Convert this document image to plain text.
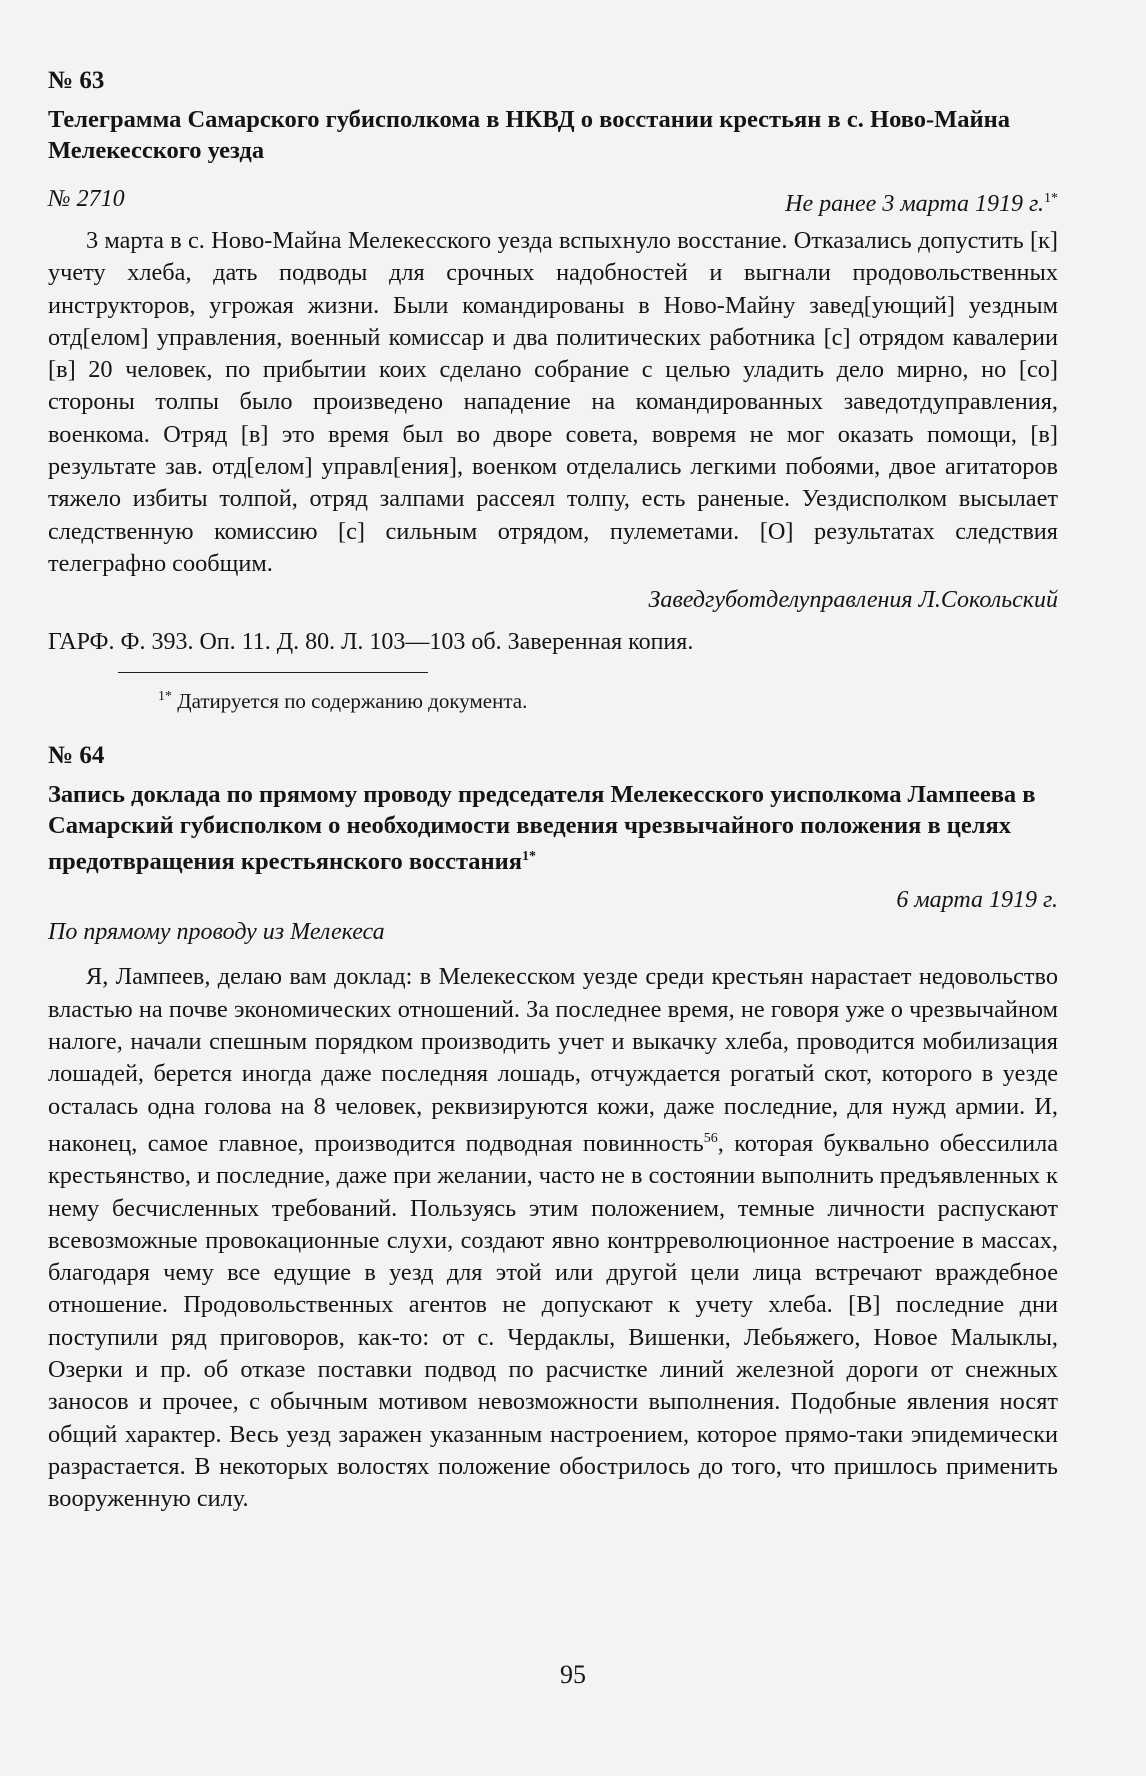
№ 63
Телеграмма Самарского губисполкома в НКВД о восстании крестьян в с. Ново-Майна Мелекесского уезда
№ 2710	Не ранее 3 марта 1919 г.$^{1*}$

3 марта в с. Ново-Майна Мелекесского уезда вспыхнуло восстание. Отказались допустить [к] учету хлеба, дать подводы для срочных надобностей и выгнали продовольственных инструкторов, угрожая жизни. Были командированы в Ново-Майну завед[ующий] уездным отд[елом] управления, военный комиссар и два политических работника [с] отрядом кавалерии [в] 20 человек, по прибытии коих сделано собрание с целью уладить дело мирно, но [со] стороны толпы было произведено нападение на командированных заведотдуправления, военкома. Отряд [в] это время был во дворе совета, вовремя не мог оказать помощи, [в] результате зав. отд[елом] управл[ения], военком отделались легкими побоями, двое агитаторов тяжело избиты толпой, отряд залпами рассеял толпу, есть раненые. Уездисполком высылает следственную комиссию [с] сильным отрядом, пулеметами. [О] результатах следствия телеграфно сообщим.

Заведгуботделуправления Л.Сокольский
ГАРФ. Ф. 393. Оп. 11. Д. 80. Л. 103—103 об. Заверенная копия.
$^{1*}$ Датируется по содержанию документа.
№ 64
Запись доклада по прямому проводу председателя Мелекесского уисполкома Лампеева в Самарский губисполком о необходимости введения чрезвычайного положения в целях предотвращения крестьянского восстания$^{1*}$
6 марта 1919 г.
По прямому проводу из Мелекеса

Я, Лампеев, делаю вам доклад: в Мелекесском уезде среди крестьян нарастает недовольство властью на почве экономических отношений. За последнее время, не говоря уже о чрезвычайном налоге, начали спешным порядком производить учет и выкачку хлеба, проводится мобилизация лошадей, берется иногда даже последняя лошадь, отчуждается рогатый скот, которого в уезде осталась одна голова на 8 человек, реквизируются кожи, даже последние, для нужд армии. И, наконец, самое главное, производится подводная повинность$^{56}$, которая буквально обессилила крестьянство, и последние, даже при желании, часто не в состоянии выполнить предъявленных к нему бесчисленных требований. Пользуясь этим положением, темные личности распускают всевозможные провокационные слухи, создают явно контрреволюционное настроение в массах, благодаря чему все едущие в уезд для этой или другой цели лица встречают враждебное отношение. Продовольственных агентов не допускают к учету хлеба. [В] последние дни поступили ряд приговоров, как-то: от с. Чердаклы, Вишенки, Лебьяжего, Новое Малыклы, Озерки и пр. об отказе поставки подвод по расчистке линий железной дороги от снежных заносов и прочее, с обычным мотивом невозможности выполнения. Подобные явления носят общий характер. Весь уезд заражен указанным настроением, которое прямо-таки эпидемически разрастается. В некоторых волостях положение обострилось до того, что пришлось применить вооруженную силу.

95
